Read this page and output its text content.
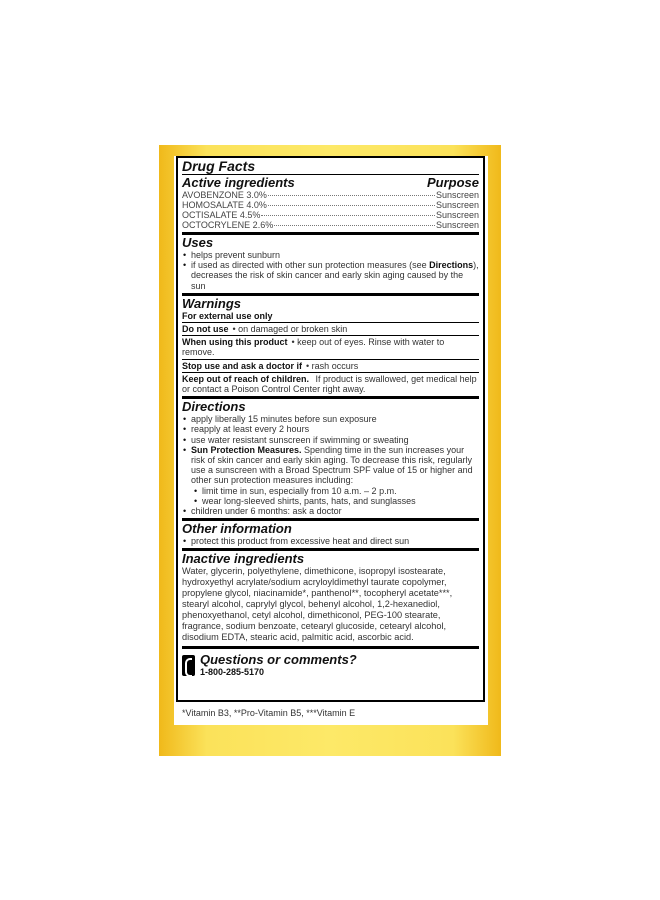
Drug Facts
Active ingredients	Purpose
AVOBENZONE 3.0%	Sunscreen
HOMOSALATE 4.0%	Sunscreen
OCTISALATE 4.5%	Sunscreen
OCTOCRYLENE 2.6%	Sunscreen
Uses
• helps prevent sunburn
• if used as directed with other sun protection measures (see Directions), decreases the risk of skin cancer and early skin aging caused by the sun
Warnings
For external use only
Do not use • on damaged or broken skin
When using this product • keep out of eyes. Rinse with water to remove.
Stop use and ask a doctor if • rash occurs
Keep out of reach of children. If product is swallowed, get medical help or contact a Poison Control Center right away.
Directions
• apply liberally 15 minutes before sun exposure
• reapply at least every 2 hours
• use water resistant sunscreen if swimming or sweating
• Sun Protection Measures. Spending time in the sun increases your risk of skin cancer and early skin aging. To decrease this risk, regularly use a sunscreen with a Broad Spectrum SPF value of 15 or higher and other sun protection measures including:
• limit time in sun, especially from 10 a.m. – 2 p.m.
• wear long-sleeved shirts, pants, hats, and sunglasses
• children under 6 months: ask a doctor
Other information
• protect this product from excessive heat and direct sun
Inactive ingredients
Water, glycerin, polyethylene, dimethicone, isopropyl isostearate, hydroxyethyl acrylate/sodium acryloyldimethyl taurate copolymer, propylene glycol, niacinamide*, panthenol**, tocopheryl acetate***, stearyl alcohol, caprylyl glycol, behenyl alcohol, 1,2-hexanediol, phenoxyethanol, cetyl alcohol, dimethiconol, PEG-100 stearate, fragrance, sodium benzoate, cetearyl glucoside, cetearyl alcohol, disodium EDTA, stearic acid, palmitic acid, ascorbic acid.
Questions or comments?
1-800-285-5170
*Vitamin B3, **Pro-Vitamin B5, ***Vitamin E
